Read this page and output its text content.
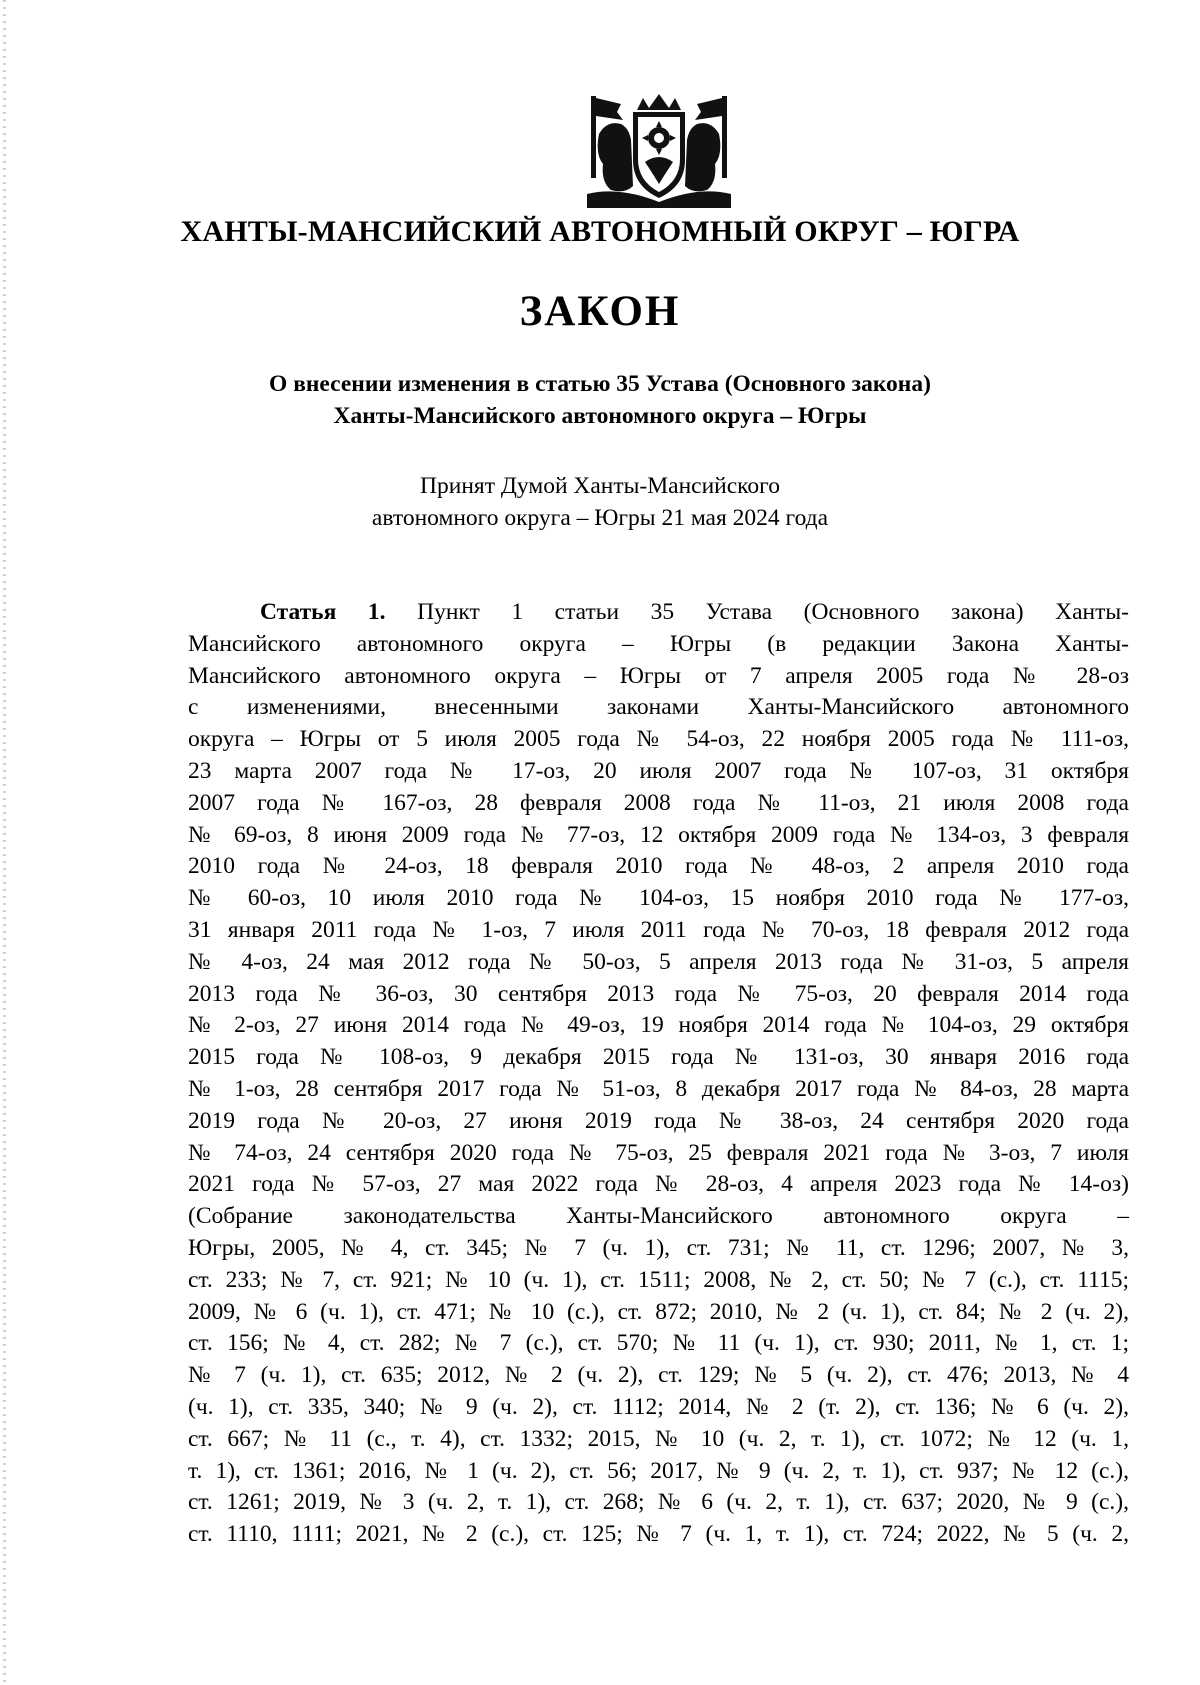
ХАНТЫ-МАНСИЙСКИЙ АВТОНОМНЫЙ ОКРУГ – ЮГРА
ЗАКОН
О внесении изменения в статью 35 Устава (Основного закона)
Ханты-Мансийского автономного округа – Югры
Принят Думой Ханты-Мансийского
автономного округа – Югры 21 мая 2024 года
Статья 1. Пункт 1 статьи 35 Устава (Основного закона) Ханты-
Мансийского автономного округа – Югры (в редакции Закона Ханты-
Мансийского автономного округа – Югры от 7 апреля 2005 года № 28-оз
с изменениями, внесенными законами Ханты-Мансийского автономного
округа – Югры от 5 июля 2005 года № 54-оз, 22 ноября 2005 года № 111-оз,
23 марта 2007 года № 17-оз, 20 июля 2007 года № 107-оз, 31 октября
2007 года № 167-оз, 28 февраля 2008 года № 11-оз, 21 июля 2008 года
№ 69-оз, 8 июня 2009 года № 77-оз, 12 октября 2009 года № 134-оз, 3 февраля
2010 года № 24-оз, 18 февраля 2010 года № 48-оз, 2 апреля 2010 года
№ 60-оз, 10 июля 2010 года № 104-оз, 15 ноября 2010 года № 177-оз,
31 января 2011 года № 1-оз, 7 июля 2011 года № 70-оз, 18 февраля 2012 года
№ 4-оз, 24 мая 2012 года № 50-оз, 5 апреля 2013 года № 31-оз, 5 апреля
2013 года № 36-оз, 30 сентября 2013 года № 75-оз, 20 февраля 2014 года
№ 2-оз, 27 июня 2014 года № 49-оз, 19 ноября 2014 года № 104-оз, 29 октября
2015 года № 108-оз, 9 декабря 2015 года № 131-оз, 30 января 2016 года
№ 1-оз, 28 сентября 2017 года № 51-оз, 8 декабря 2017 года № 84-оз, 28 марта
2019 года № 20-оз, 27 июня 2019 года № 38-оз, 24 сентября 2020 года
№ 74-оз, 24 сентября 2020 года № 75-оз, 25 февраля 2021 года № 3-оз, 7 июля
2021 года № 57-оз, 27 мая 2022 года № 28-оз, 4 апреля 2023 года № 14-оз)
(Собрание законодательства Ханты-Мансийского автономного округа –
Югры, 2005, № 4, ст. 345; № 7 (ч. 1), ст. 731; № 11, ст. 1296; 2007, № 3,
ст. 233; № 7, ст. 921; № 10 (ч. 1), ст. 1511; 2008, № 2, ст. 50; № 7 (с.), ст. 1115;
2009, № 6 (ч. 1), ст. 471; № 10 (с.), ст. 872; 2010, № 2 (ч. 1), ст. 84; № 2 (ч. 2),
ст. 156; № 4, ст. 282; № 7 (с.), ст. 570; № 11 (ч. 1), ст. 930; 2011, № 1, ст. 1;
№ 7 (ч. 1), ст. 635; 2012, № 2 (ч. 2), ст. 129; № 5 (ч. 2), ст. 476; 2013, № 4
(ч. 1), ст. 335, 340; № 9 (ч. 2), ст. 1112; 2014, № 2 (т. 2), ст. 136; № 6 (ч. 2),
ст. 667; № 11 (с., т. 4), ст. 1332; 2015, № 10 (ч. 2, т. 1), ст. 1072; № 12 (ч. 1,
т. 1), ст. 1361; 2016, № 1 (ч. 2), ст. 56; 2017, № 9 (ч. 2, т. 1), ст. 937; № 12 (с.),
ст. 1261; 2019, № 3 (ч. 2, т. 1), ст. 268; № 6 (ч. 2, т. 1), ст. 637; 2020, № 9 (с.),
ст. 1110, 1111; 2021, № 2 (с.), ст. 125; № 7 (ч. 1, т. 1), ст. 724; 2022, № 5 (ч. 2,
